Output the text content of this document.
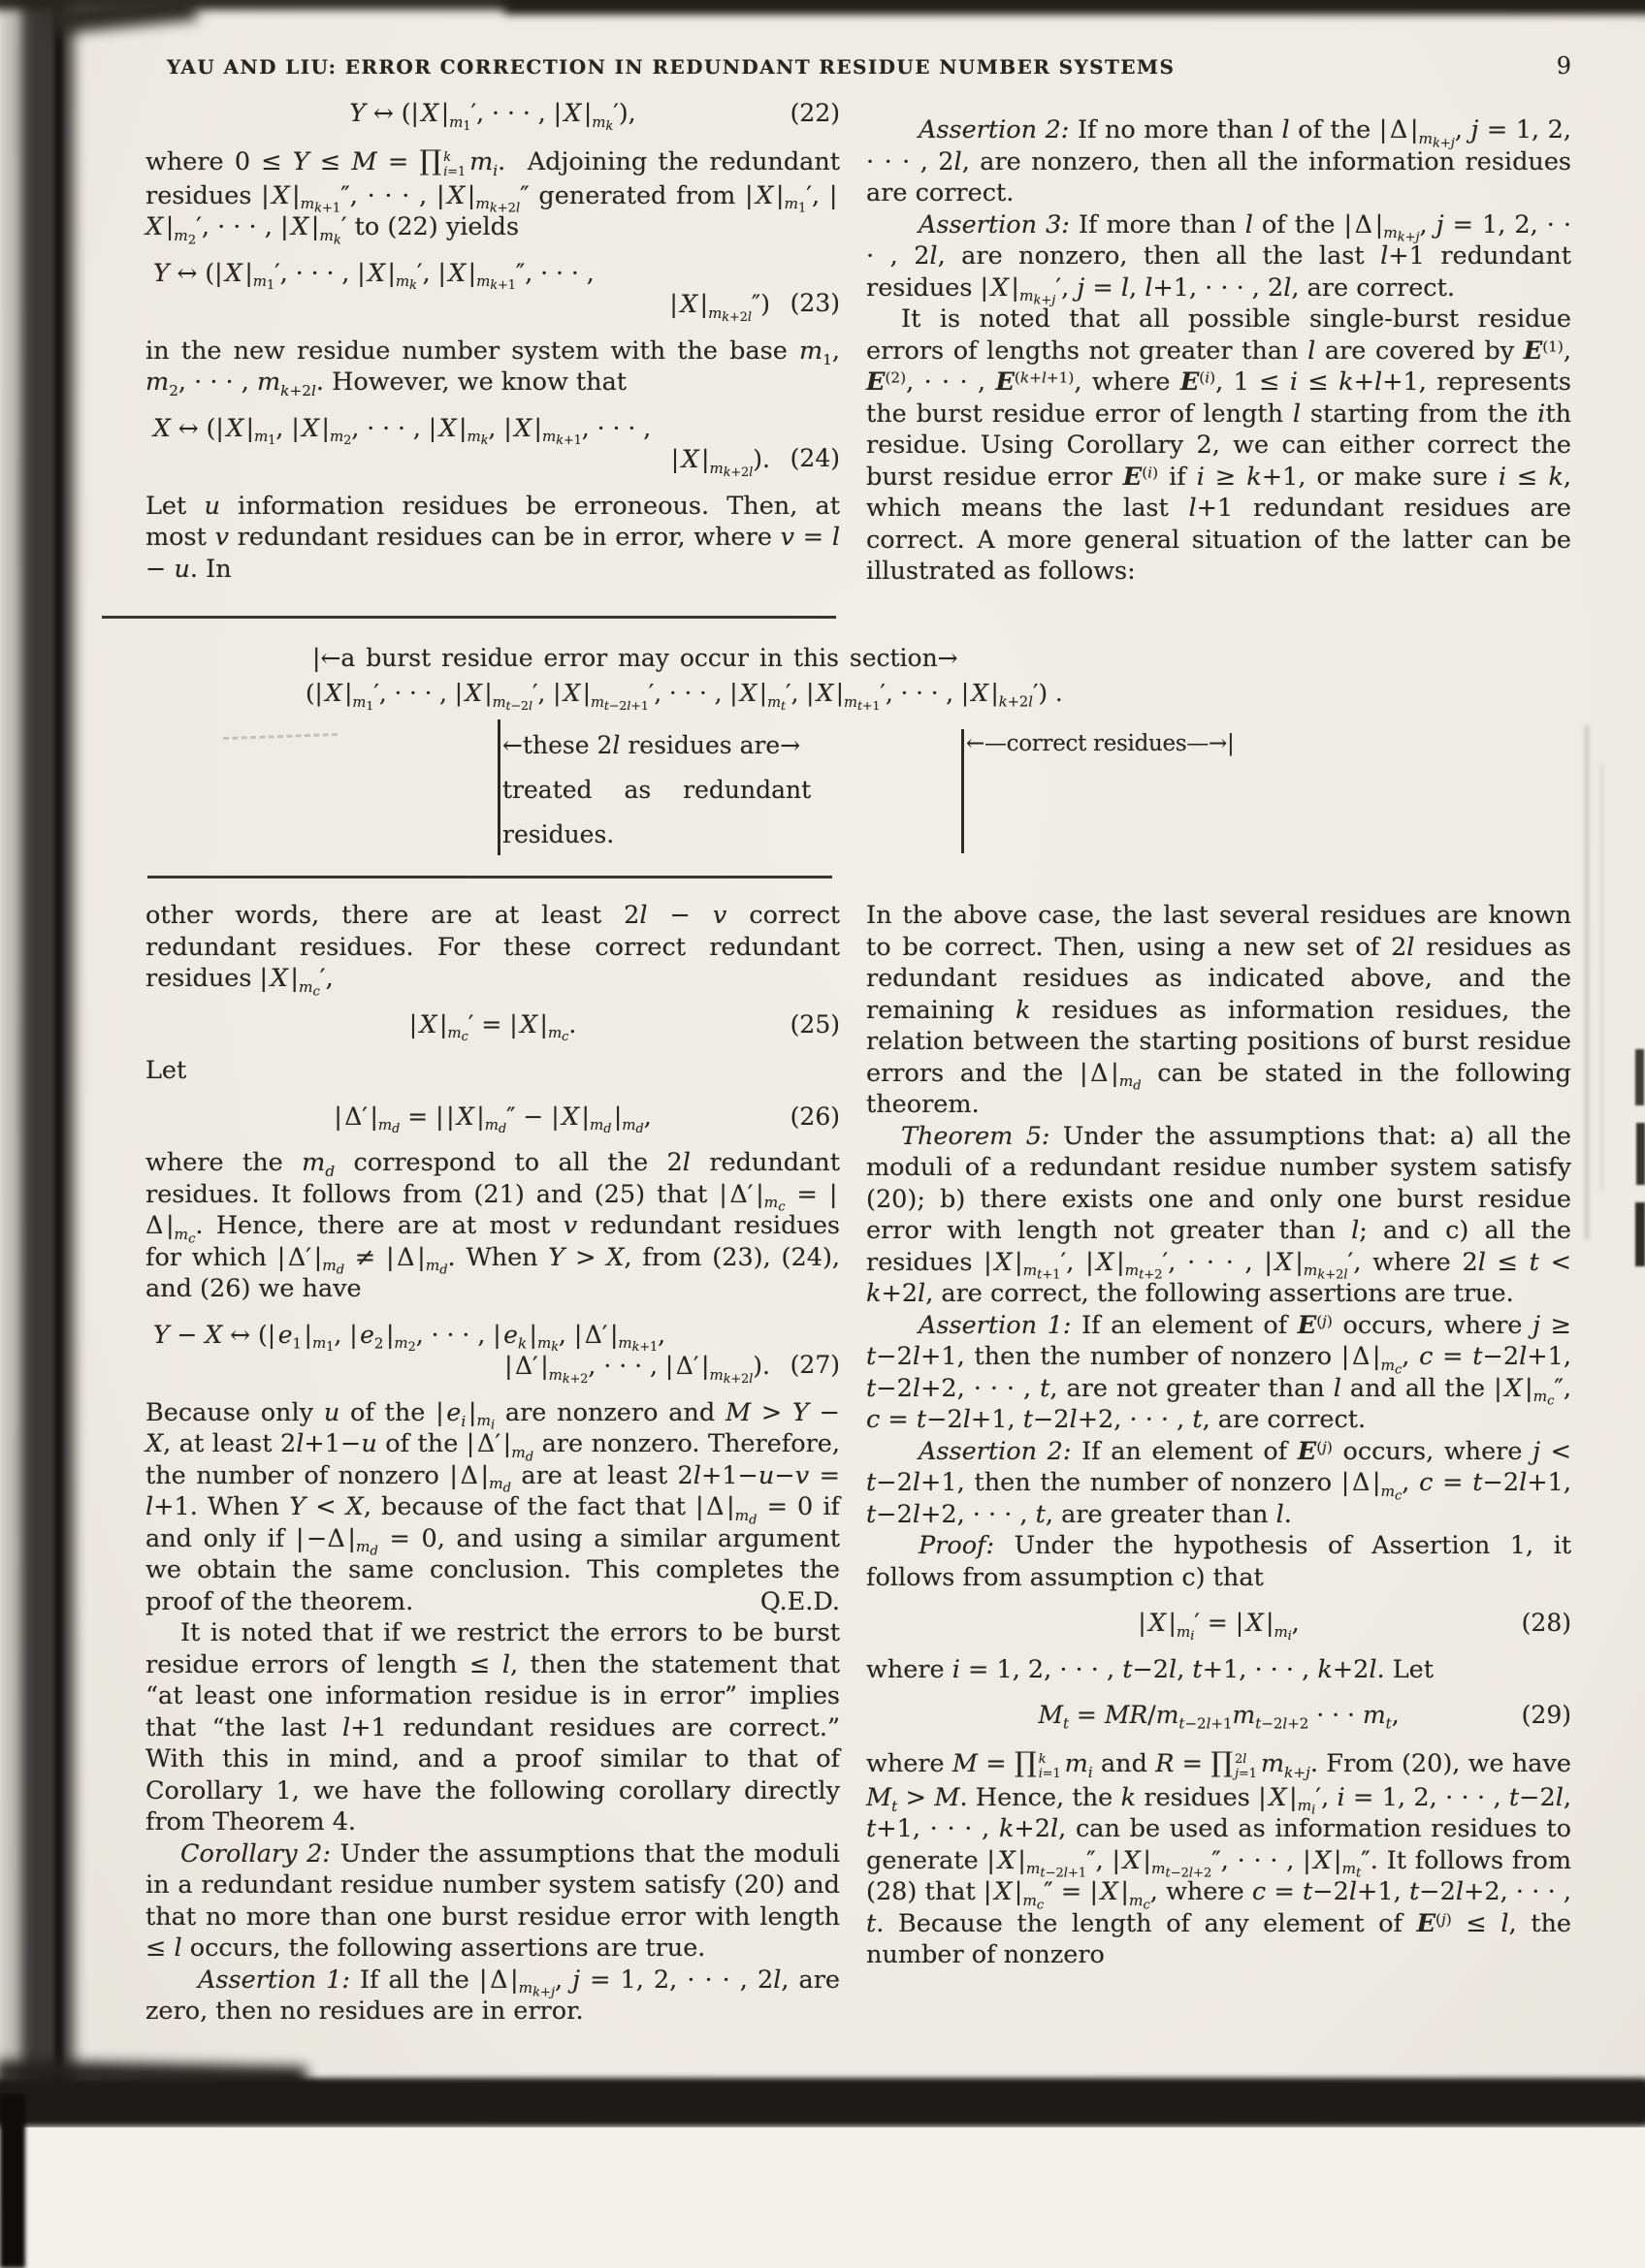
YAU AND LIU: ERROR CORRECTION IN REDUNDANT RESIDUE NUMBER SYSTEMS	9
Y ↔ (| X $|_{m_1}'$, · · · , | X $|_{m_k}'$),	(22)

where 0 ≤ Y ≤ M = ∏ k
i=1 $m_i$.  Adjoining the redundant residues | X $|_{m_{k+1}}''$, · · · , | X $|_{m_{k+2l}}''$ generated from | X $|_{m_1}'$, | X $|_{m_2}'$, · · · , | X $|_{m_k}'$ to (22) yields

Y ↔ (| X $|_{m_1}'$, · · · , | X $|_{m_k}'$, | X $|_{m_{k+1}}''$, · · · ,
| X $|_{m_{k+2l}}''$) (23)

in the new residue number system with the base $m_1$, $m_2$, · · · , $m_{k+2l}$. However, we know that

X ↔ (| X $|_{m_1}$, | X $|_{m_2}$, · · · , | X $|_{m_k}$, | X $|_{m_{k+1}}$, · · · ,
| X $|_{m_{k+2l}}$). (24)

Let u information residues be erroneous. Then, at most v redundant residues can be in error, where v = l − u. In

Assertion 2: If no more than l of the | Δ $|_{m_{k+j}}$, j = 1, 2, · · · , 2l, are nonzero, then all the information residues are correct.

Assertion 3: If more than l of the | Δ $|_{m_{k+j}}$, j = 1, 2, · · · , 2l, are nonzero, then all the last l+1 redundant residues | X $|_{m_{k+j}}'$, j = l, l+1, · · · , 2l, are correct.

It is noted that all possible single-burst residue errors of lengths not greater than l are covered by $E^{(1)}$, $E^{(2)}$, · · · , $E^{(k+l+1)}$, where $E^{(i)}$, 1 ≤ i ≤ k+l+1, represents the burst residue error of length l starting from the ith residue. Using Corollary 2, we can either correct the burst residue error $E^{(i)}$ if i ≥ k+1, or make sure i ≤ k, which means the last l+1 redundant residues are correct. A more general situation of the latter can be illustrated as follows:

|←a burst residue error may occur in this section→
(| X $|_{m_1}'$, · · · , | X $|_{m_{t-2l}}'$, | X $|_{m_{t-2l+1}}'$, · · · , | X $|_{m_t}'$, | X $|_{m_{t+1}}'$, · · · , | X $|_{k+2l}'$) .
←these 2l residues are→	←—correct residues—→|
treated as redundant
residues.

other words, there are at least 2l − v correct redundant residues. For these correct redundant residues | X $|_{m_c}'$,

| X $|_{m_c}'$ = | X $|_{m_c}$.	(25)

Let

| Δ′ $|_{m_d}$ = | | X $|_{m_d}''$ − | X $|_{m_d}$ $|_{m_d}$,	(26)

where the $m_d$ correspond to all the 2l redundant residues. It follows from (21) and (25) that | Δ′ $|_{m_c}$ = | Δ $|_{m_c}$. Hence, there are at most v redundant residues for which | Δ′ $|_{m_d}$ ≠ | Δ $|_{m_d}$. When Y > X, from (23), (24), and (26) we have

Y − X ↔ (| $e_1$ $|_{m_1}$, | $e_2$ $|_{m_2}$, · · · , | $e_k$ $|_{m_k}$, | Δ′ $|_{m_{k+1}}$,
| Δ′ $|_{m_{k+2}}$, · · · , | Δ′ $|_{m_{k+2l}}$). (27)

Because only u of the | $e_i$ $|_{m_i}$ are nonzero and M > Y − X, at least 2l+1−u of the | Δ′ $|_{m_d}$ are nonzero. Therefore, the number of nonzero | Δ $|_{m_d}$ are at least 2l+1−u−v = l+1. When Y < X, because of the fact that | Δ $|_{m_d} = 0$ if and only if | −Δ $|_{m_d} = 0$, and using a similar argument we obtain the same conclusion. This completes the proof of the theorem.	Q.E.D.

It is noted that if we restrict the errors to be burst residue errors of length ≤ l, then the statement that “at least one information residue is in error” implies that “the last l+1 redundant residues are correct.” With this in mind, and a proof similar to that of Corollary 1, we have the following corollary directly from Theorem 4.

Corollary 2: Under the assumptions that the moduli in a redundant residue number system satisfy (20) and that no more than one burst residue error with length ≤ l occurs, the following assertions are true.

Assertion 1: If all the | Δ $|_{m_{k+j}}$, j = 1, 2, · · · , 2l, are zero, then no residues are in error.

In the above case, the last several residues are known to be correct. Then, using a new set of 2l residues as redundant residues as indicated above, and the remaining k residues as information residues, the relation between the starting positions of burst residue errors and the | Δ $|_{m_d}$ can be stated in the following theorem.

Theorem 5: Under the assumptions that: a) all the moduli of a redundant residue number system satisfy (20); b) there exists one and only one burst residue error with length not greater than l; and c) all the residues | X $|_{m_{t+1}}'$, | X $|_{m_{t+2}}'$, · · · , | X $|_{m_{k+2l}}'$, where 2l ≤ t < k+2l, are correct, the following assertions are true.

Assertion 1: If an element of $E^{(j)}$ occurs, where j ≥ t−2l+1, then the number of nonzero | Δ $|_{m_c}$, c = t−2l+1, t−2l+2, · · · , t, are not greater than l and all the | X $|_{m_c}''$, c = t−2l+1, t−2l+2, · · · , t, are correct.

Assertion 2: If an element of $E^{(j)}$ occurs, where j < t−2l+1, then the number of nonzero | Δ $|_{m_c}$, c = t−2l+1, t−2l+2, · · · , t, are greater than l.

Proof: Under the hypothesis of Assertion 1, it follows from assumption c) that

| X $|_{m_i}'$ = | X $|_{m_i}$,	(28)

where i = 1, 2, · · · , t−2l, t+1, · · · , k+2l. Let

$M_t = MR/m_{t-2l+1}m_{t-2l+2}$ · · · $m_t$,	(29)

where M = ∏ k
i=1 $m_i$ and R = ∏ 2l
j=1 $m_{k+j}$. From (20), we have $M_t > M$. Hence, the k residues | X $|_{m_i}'$, i = 1, 2, · · · , t−2l, t+1, · · · , k+2l, can be used as information residues to generate | X $|_{m_{t-2l+1}}''$, | X $|_{m_{t-2l+2}}''$, · · · , | X $|_{m_t}''$. It follows from (28) that | X $|_{m_c}''$ = | X $|_{m_c}$, where c = t−2l+1, t−2l+2, · · · , t. Because the length of any element of $E^{(j)} \le l$, the number of nonzero
